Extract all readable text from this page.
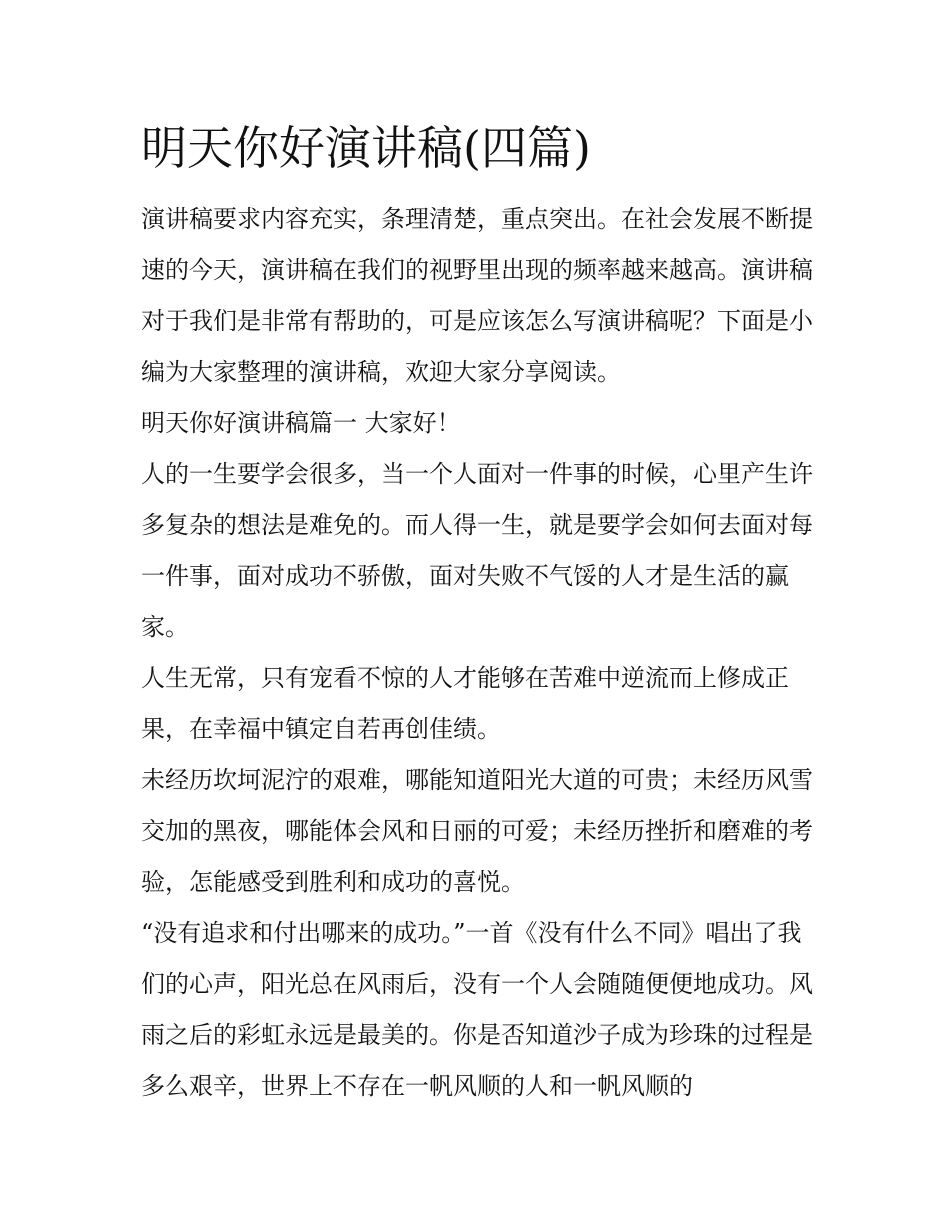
明天你好演讲稿(四篇)

演讲稿要求内容充实，条理清楚，重点突出。在社会发展不断提速的今天，演讲稿在我们的视野里出现的频率越来越高。演讲稿对于我们是非常有帮助的，可是应该怎么写演讲稿呢？下面是小编为大家整理的演讲稿，欢迎大家分享阅读。

明天你好演讲稿篇一 大家好！

人的一生要学会很多，当一个人面对一件事的时候，心里产生许多复杂的想法是难免的。而人得一生，就是要学会如何去面对每一件事，面对成功不骄傲，面对失败不气馁的人才是生活的赢家。

人生无常，只有宠看不惊的人才能够在苦难中逆流而上修成正果，在幸福中镇定自若再创佳绩。

未经历坎坷泥泞的艰难，哪能知道阳光大道的可贵；未经历风雪交加的黑夜，哪能体会风和日丽的可爱；未经历挫折和磨难的考验，怎能感受到胜利和成功的喜悦。

“没有追求和付出哪来的成功。”一首《没有什么不同》唱出了我们的心声，阳光总在风雨后，没有一个人会随随便便地成功。风雨之后的彩虹永远是最美的。你是否知道沙子成为珍珠的过程是多么艰辛，世界上不存在一帆风顺的人和一帆风顺的
